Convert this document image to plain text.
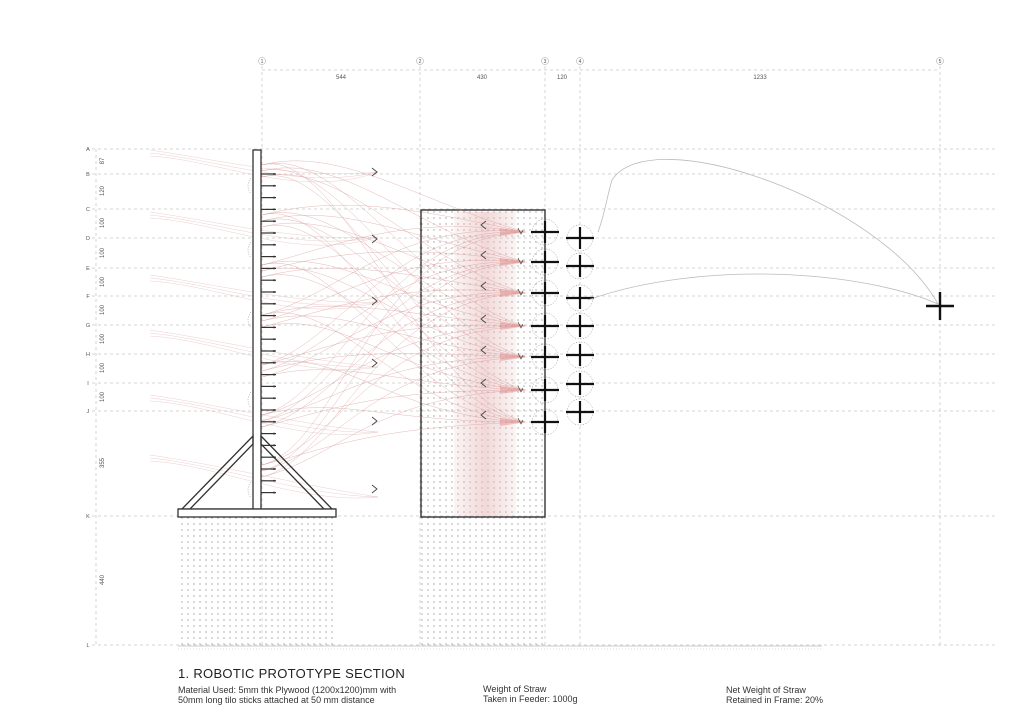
1	2	3	4	5
A
B
C
D
E
F
G
H
I
J
K
L
544	430	120	1233
87
120
100
100
100
100
100
100
100
355
440
1. ROBOTIC PROTOTYPE SECTION
Material Used: 5mm thk Plywood (1200x1200)mm with
50mm long tilo sticks attached at 50 mm distance
Weight of Straw
Taken in Feeder: 1000g
Net Weight of Straw
Retained in Frame: 20%
